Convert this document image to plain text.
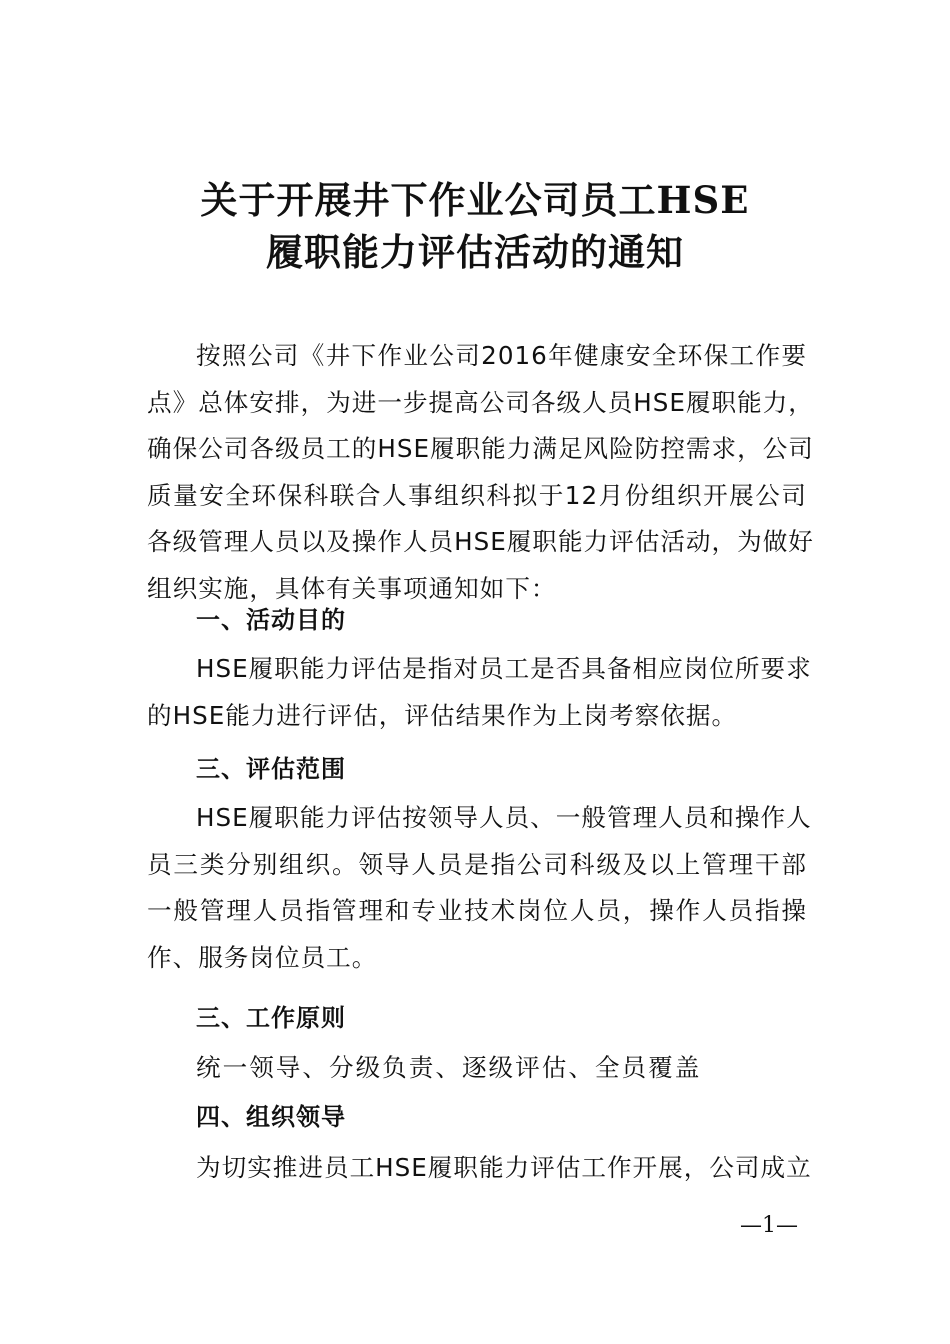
关于开展井下作业公司员工HSE
履职能力评估活动的通知
按照公司《井下作业公司2016年健康安全环保工作要
点》总体安排，为进一步提高公司各级人员HSE履职能力，
确保公司各级员工的HSE履职能力满足风险防控需求，公司
质量安全环保科联合人事组织科拟于12月份组织开展公司
各级管理人员以及操作人员HSE履职能力评估活动，为做好
组织实施，具体有关事项通知如下：
一、活动目的
HSE履职能力评估是指对员工是否具备相应岗位所要求
的HSE能力进行评估，评估结果作为上岗考察依据。
三、评估范围
HSE履职能力评估按领导人员、一般管理人员和操作人
员三类分别组织。领导人员是指公司科级及以上管理干部
一般管理人员指管理和专业技术岗位人员，操作人员指操
作、服务岗位员工。
三、工作原则
统一领导、分级负责、逐级评估、全员覆盖
四、组织领导
为切实推进员工HSE履职能力评估工作开展，公司成立
—1—
